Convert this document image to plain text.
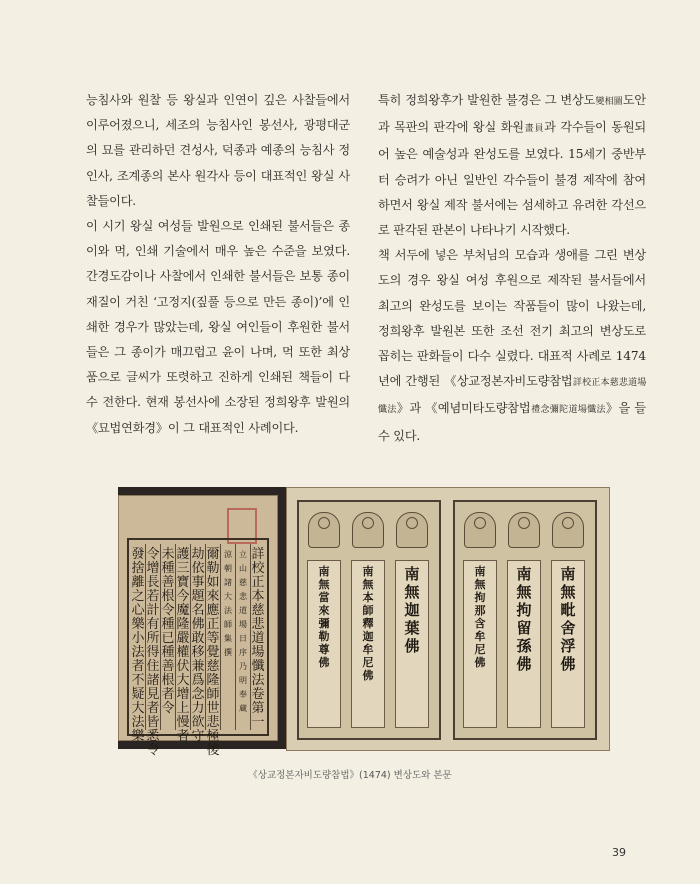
능침사와 원찰 등 왕실과 인연이 깊은 사찰들에서 이루어졌으니, 세조의 능침사인 봉선사, 광평대군의 묘를 관리하던 견성사, 덕종과 예종의 능침사 정인사, 조계종의 본사 원각사 등이 대표적인 왕실 사찰들이다.

이 시기 왕실 여성들 발원으로 인쇄된 불서들은 종이와 먹, 인쇄 기술에서 매우 높은 수준을 보였다. 간경도감이나 사찰에서 인쇄한 불서들은 보통 종이 재질이 거친 ‘고정지(짚풀 등으로 만든 종이)’에 인쇄한 경우가 많았는데, 왕실 여인들이 후원한 불서들은 그 종이가 매끄럽고 윤이 나며, 먹 또한 최상품으로 글씨가 또렷하고 진하게 인쇄된 책들이 다수 전한다. 현재 봉선사에 소장된 정희왕후 발원의 《묘법연화경》이 그 대표적인 사례이다.

특히 정희왕후가 발원한 불경은 그 변상도變相圖도안과 목판의 판각에 왕실 화원畫員과 각수들이 동원되어 높은 예술성과 완성도를 보였다. 15세기 중반부터 승려가 아닌 일반인 각수들이 불경 제작에 참여하면서 왕실 제작 불서에는 섬세하고 유려한 각선으로 판각된 판본이 나타나기 시작했다.

책 서두에 넣은 부처님의 모습과 생애를 그린 변상도의 경우 왕실 여성 후원으로 제작된 불서들에서 최고의 완성도를 보이는 작품들이 많이 나왔는데, 정희왕후 발원본 또한 조선 전기 최고의 변상도로 꼽히는 판화들이 다수 실렸다. 대표적 사례로 1474년에 간행된 《상교정본자비도량참법詳校正本慈悲道場懺法》과 《예념미타도량참법禮念彌陀道場懺法》을 들 수 있다.

詳校正本慈悲道場懺法卷第一
立山 慈悲道場 日序 乃明 奉蔵
涼朝諸大法師 集撰
爾勒如來應正等覺慈隆師世悲極後
劫依事題名佛敢移兼爲念力欲守
護三寶今魔隆嚴權伏大增上慢者
未種善根令種已種善根者令
令增長若計有所得住諸見者皆悉令
發捨離之心樂小法者不疑大法樂
南無迦葉佛
南無本師釋迦牟尼佛
南無當來彌勒尊佛
南無毗舍浮佛
南無拘留孫佛
南無拘那含牟尼佛
《상교정본자비도량참법》(1474) 변상도와 본문
39
